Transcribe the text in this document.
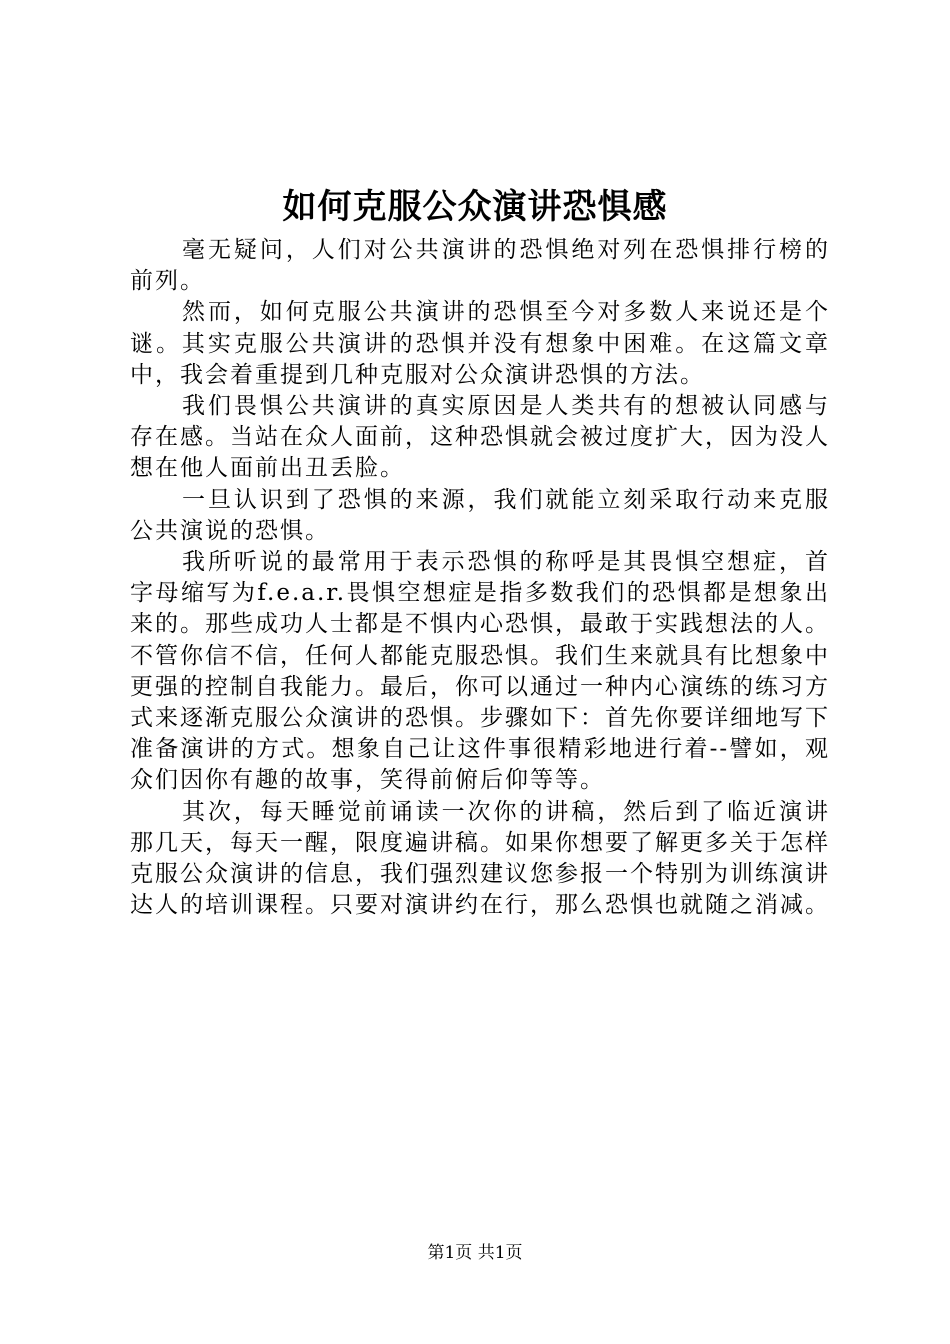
如何克服公众演讲恐惧感

毫无疑问，人们对公共演讲的恐惧绝对列在恐惧排行榜的前列。

然而，如何克服公共演讲的恐惧至今对多数人来说还是个谜。其实克服公共演讲的恐惧并没有想象中困难。在这篇文章中，我会着重提到几种克服对公众演讲恐惧的方法。

我们畏惧公共演讲的真实原因是人类共有的想被认同感与存在感。当站在众人面前，这种恐惧就会被过度扩大，因为没人想在他人面前出丑丢脸。

一旦认识到了恐惧的来源，我们就能立刻采取行动来克服公共演说的恐惧。

我所听说的最常用于表示恐惧的称呼是其畏惧空想症，首字母缩写为f.e.a.r.畏惧空想症是指多数我们的恐惧都是想象出来的。那些成功人士都是不惧内心恐惧，最敢于实践想法的人。不管你信不信，任何人都能克服恐惧。我们生来就具有比想象中更强的控制自我能力。最后，你可以通过一种内心演练的练习方式来逐渐克服公众演讲的恐惧。步骤如下：首先你要详细地写下准备演讲的方式。想象自己让这件事很精彩地进行着--譬如，观众们因你有趣的故事，笑得前俯后仰等等。

其次，每天睡觉前诵读一次你的讲稿，然后到了临近演讲那几天，每天一醒，限度遍讲稿。如果你想要了解更多关于怎样克服公众演讲的信息，我们强烈建议您参报一个特别为训练演讲达人的培训课程。只要对演讲约在行，那么恐惧也就随之消减。

第1页 共1页
